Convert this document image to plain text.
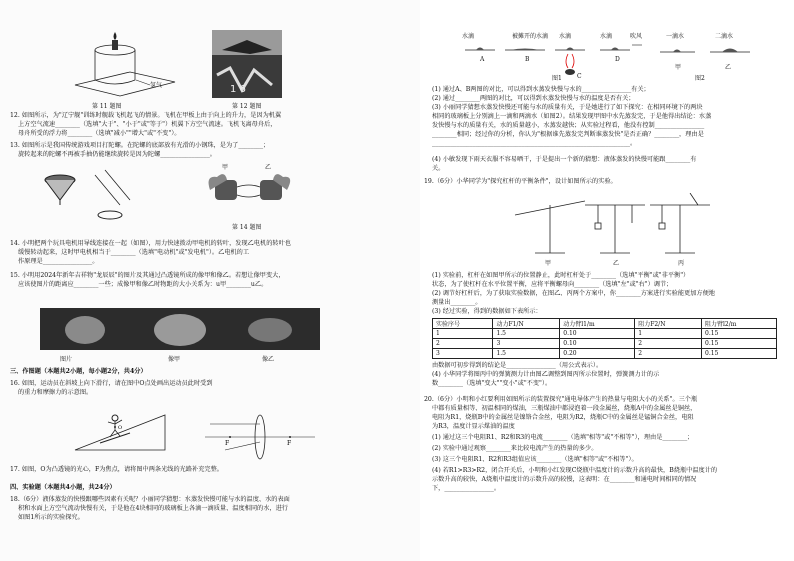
氢气
第 11 题图
1 6
第 12 题图
12. 如图所示，为"辽宁舰"训练时舰载飞机起飞的情景。飞机在甲板上由于向上的升力，是因为机翼
上方空气流速________（选填"大于"、"小于"或"等于"）机翼下方空气流速。飞机飞离母舟后，
母舟所受的浮力将________（选填"减小""增大"或"不变"）。
13. 如图所示是我国传统游戏项目打陀螺。在陀螺的底部放有光滑的小钢珠，是为了________；
旋转起来的陀螺不再被手抽仍能继续旋转是因为陀螺________________。
甲	乙
第 14 题图
14. 小明把两个玩具电机用导线连接在一起（如图），用力快速拨动甲电机的转叶，发现乙电机的转叶也
缓慢转动起来，这时甲电机相当于________（选填"电动机"或"发电机"）。乙电机的工
作原理是________________。
15. 小明用2024年新年吉祥物"龙辰辰"的图片及其通过凸透镜所成的像甲和像乙。若想让像甲变大，
应该使图片的距离应________一些；成像甲和像乙时物距的大小关系为：u甲________u乙。
图片	像甲	像乙
三、作图题（本题共2小题，每小题2分，共4分）
16. 如图，运动员在斜坡上向下滑行，请在图中O点处画出运动员此时受到
的重力和摩擦力的示意图。
O
F	F
17. 如图，O为凸透镜的光心，F为焦点，请将图中两条光线的光路补充完整。
四、实验题（本题共4小题，共24分）
18.（6分）液体蒸发的快慢跟哪些因素有关呢？小丽同学猜想：水蒸发快慢可能与水的温度、水的表面
积和水面上方空气流动快慢有关，于是他在4块相同的玻璃板上各滴一滴质量、温度相同的水，进行
如图1所示的实验探究。
水滴	被摊开的水滴 水滴	水滴	吹风
A	B
C
D
图1
一滴水	二滴水
甲	乙
图2
(1) 通过A、B两图的对比，可以得到水蒸发快慢与水的________________有关；
(2) 通过________两图的对比，可以得到水蒸发快慢与水的温度是否有关；
(3) 小丽同学猜想水蒸发快慢还可能与水的质量有关，于是她进行了如下探究：在相同环境下的两块
相同的玻璃板上分别滴上一滴和两滴水（如图2）。结果发现甲图中水先蒸发完，于是他得出结论：水蒸
发快慢与水的质量有关，水的质量越小，水蒸发越快；从实验过程看，他没有控制________________
________相同；经过你的分析，你认为"根据谁先蒸发完判断谁蒸发快"是否正确？________，理由是
________________________________________________________________。
(4) 小敏发现下雨天衣服不容易晒干，于是提出一个新的猜想：液体蒸发的快慢可能跟________有
关。
19.（6分）小华同学为"探究杠杆的平衡条件"，设计如图所示的实验。
甲	乙	丙
(1) 实验前，杠杆在如图甲所示的位置静止，此时杠杆处于________（选填"平衡"或"非平衡"）
状态，为了使杠杆在水平位置平衡，应将平衡螺母向________（选填"左"或"右"）调节；
(2) 调节好杠杆后，为了获取实验数据，在图乙、丙两个方案中，你________方案进行实验能更加方便地
测量出________。
(3) 经过实验，得到的数据如下表所示：
实验序号	动力F1/N	动力臂l1/m	阻力F2/N	阻力臂l2/m
1	1.5	0.10	1	0.15
2	3	0.10	2	0.15
3	1.5	0.20	2	0.15
由数据可初步得到的结论是________________（用公式表示）。
(4) 小华同学将图丙中的弹簧测力计由图乙调整到图丙所示位置时，弹簧测力计的示
数________（选填"变大""变小"或"不变"）。
20.（6分）小明和小红要利用如图所示的装置探究"通电导体产生的热量与电阻大小的关系"。三个瓶
中都有质量相等、初温相同的煤油，三瓶煤油中都浸泡着一段金属丝，烧瓶A中的金属丝是铜丝，
电阻为R1，烧瓶B中的金属丝是镍铬合金丝，电阻为R2，烧瓶C中的金属丝是锰铜合金丝，电阻
为R3，温度计显示煤油的温度
(1) 通过这三个电阻R1、R2和R3的电流________（选填"相等"或"不相等"），理由是________；
(2) 实验中通过观察________来比较电流产生的热量的多少。
(3) 这三个电阻R1、R2和R3组值应该________（选填"相等"或"不相等"）。
(4) 若R1>R3>R2，闭合开关后，小明和小红发现C烧瓶中温度计的示数升高的最快，B烧瓶中温度计的
示数升高的较快，A烧瓶中温度计的示数升高的较慢，这表明：在________和通电时间相同的情况
下，________________。
